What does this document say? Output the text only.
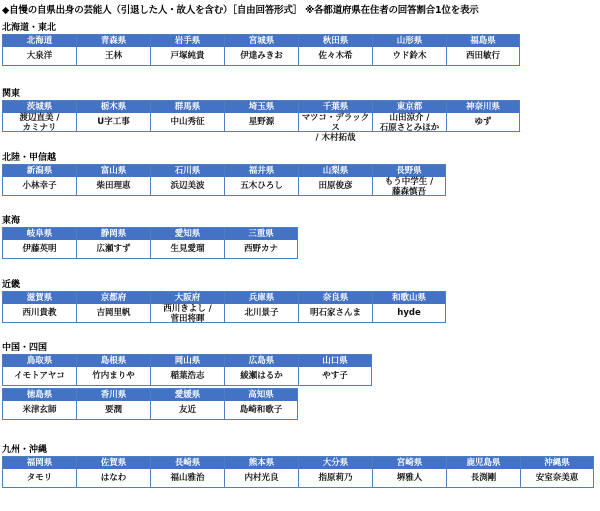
◆自慢の自県出身の芸能人（引退した人・故人を含む）［自由回答形式］ ※各都道府県在住者の回答割合1位を表示
北海道・東北
北海道
大泉洋
青森県
王林
岩手県
戸塚純貴
宮城県
伊達みきお
秋田県
佐々木希
山形県
ウド鈴木
福島県
西田敏行
関東
茨城県
渡辺直美 /
カミナリ
栃木県
U字工事
群馬県
中山秀征
埼玉県
星野源
千葉県
マツコ・デラックス
/ 木村拓哉
東京都
山田涼介 /
石原さとみほか
神奈川県
ゆず
北陸・甲信越
新潟県
小林幸子
富山県
柴田理恵
石川県
浜辺美波
福井県
五木ひろし
山梨県
田原俊彦
長野県
もう中学生 /
藤森慎吾
東海
岐阜県
伊藤英明
静岡県
広瀬すず
愛知県
生見愛瑠
三重県
西野カナ
近畿
滋賀県
西川貴教
京都府
吉岡里帆
大阪府
西川きよし /
菅田将暉
兵庫県
北川景子
奈良県
明石家さんま
和歌山県
hyde
中国・四国
鳥取県
イモトアヤコ
島根県
竹内まりや
岡山県
稲葉浩志
広島県
綾瀬はるか
山口県
やす子
徳島県
米津玄師
香川県
要潤
愛媛県
友近
高知県
島崎和歌子
九州・沖縄
福岡県
タモリ
佐賀県
はなわ
長崎県
福山雅治
熊本県
内村光良
大分県
指原莉乃
宮崎県
堺雅人
鹿児島県
長渕剛
沖縄県
安室奈美恵
